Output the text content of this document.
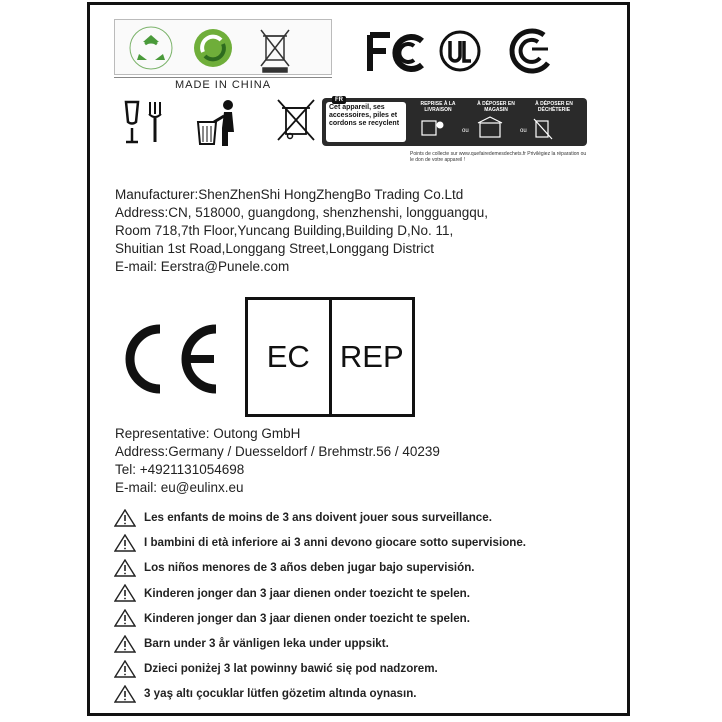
MADE IN CHINA
FR
Cet appareil, ses accessoires, piles et cordons se recyclent
REPRISE À LA LIVRAISON
À DÉPOSER EN MAGASIN
À DÉPOSER EN DÉCHÈTERIE
ou	ou
Points de collecte sur www.quefairedemesdechets.fr Privilégiez la réparation ou le don de votre appareil !
Manufacturer:ShenZhenShi HongZhengBo Trading Co.Ltd
Address:CN, 518000, guangdong, shenzhenshi, longguangqu,
Room 718,7th Floor,Yuncang Building,Building D,No. 11,
Shuitian 1st Road,Longgang Street,Longgang District
E-mail: Eerstra@Punele.com
EC REP
Representative: Outong GmbH
Address:Germany / Duesseldorf / Brehmstr.56 / 40239
Tel: +4921131054698
E-mail: eu@eulinx.eu
Les enfants de moins de 3 ans doivent jouer sous surveillance.
I bambini di età inferiore ai 3 anni devono giocare sotto supervisione.
Los niños menores de 3 años deben jugar bajo supervisión.
Kinderen jonger dan 3 jaar dienen onder toezicht te spelen.
Kinderen jonger dan 3 jaar dienen onder toezicht te spelen.
Barn under 3 år vänligen leka under uppsikt.
Dzieci poniżej 3 lat powinny bawić się pod nadzorem.
3 yaş altı çocuklar lütfen gözetim altında oynasın.
